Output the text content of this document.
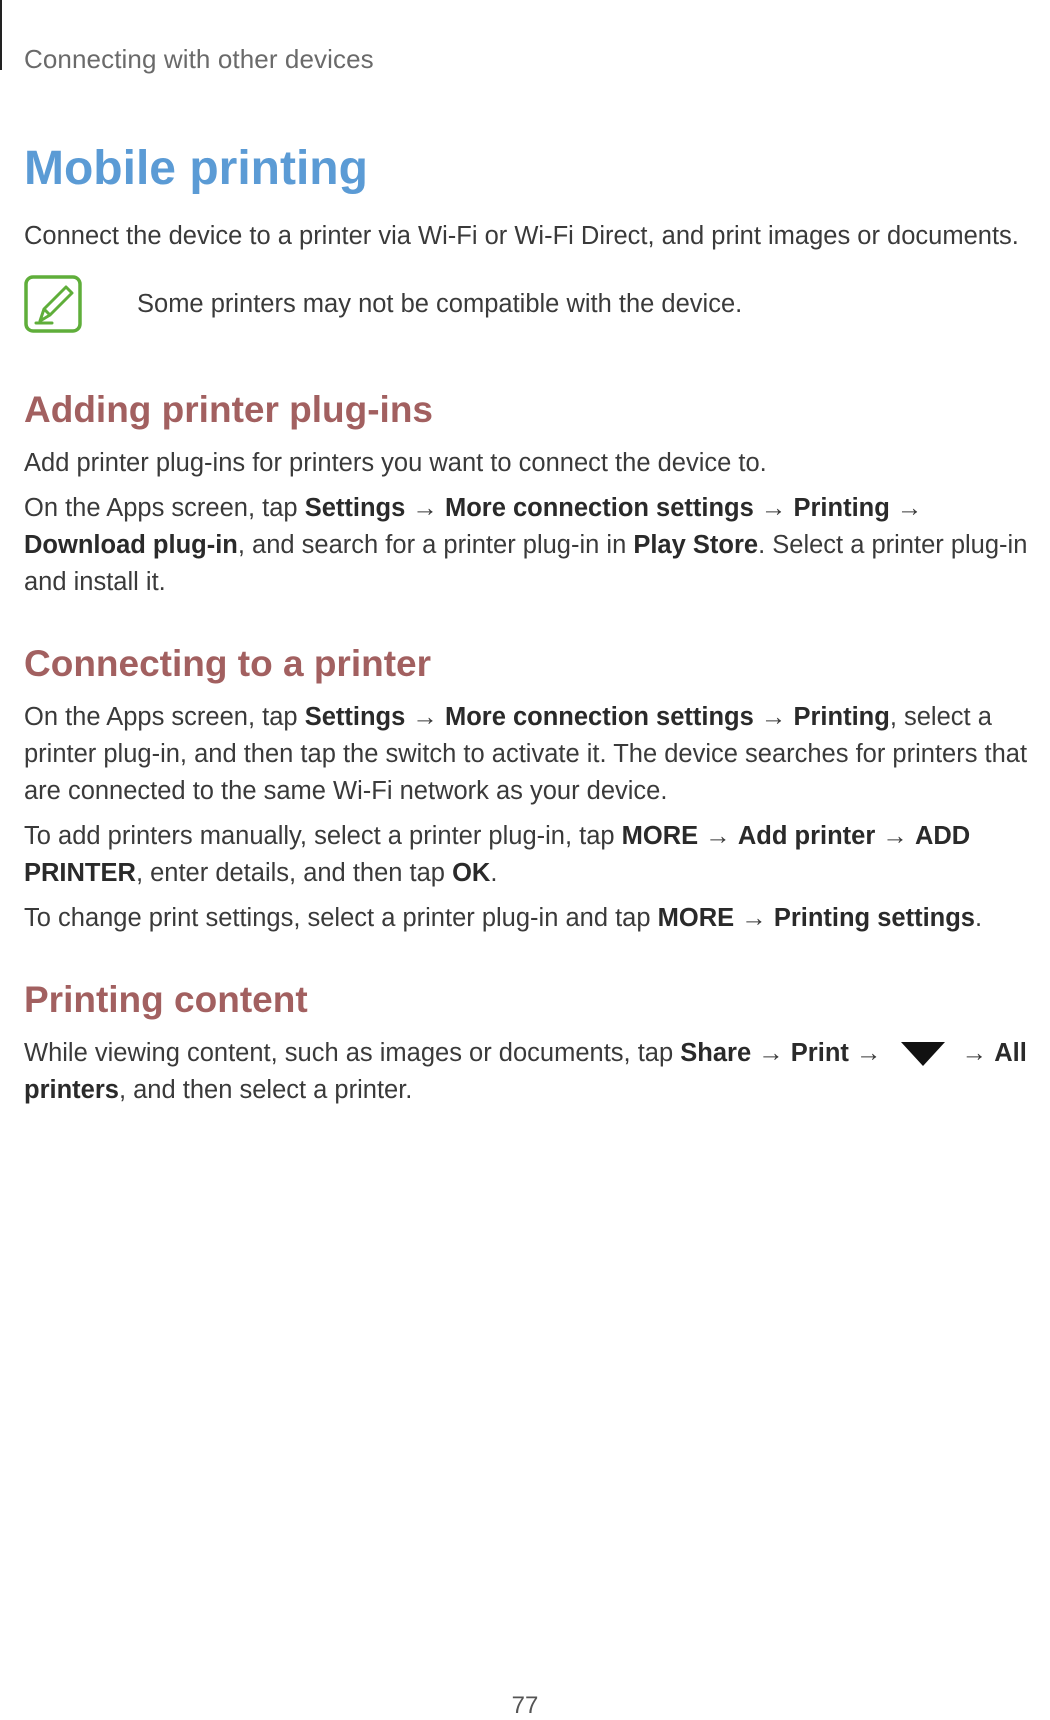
Connecting with other devices
Mobile printing

Connect the device to a printer via Wi-Fi or Wi-Fi Direct, and print images or documents.

Some printers may not be compatible with the device.

Adding printer plug-ins

Add printer plug-ins for printers you want to connect the device to.

On the Apps screen, tap Settings → More connection settings → Printing → Download plug-in, and search for a printer plug-in in Play Store. Select a printer plug-in and install it.

Connecting to a printer

On the Apps screen, tap Settings → More connection settings → Printing, select a printer plug-in, and then tap the switch to activate it. The device searches for printers that are connected to the same Wi-Fi network as your device.

To add printers manually, select a printer plug-in, tap MORE → Add printer → ADD PRINTER, enter details, and then tap OK.

To change print settings, select a printer plug-in and tap MORE → Printing settings.

Printing content

While viewing content, such as images or documents, tap Share → Print →	→ All printers, and then select a printer.

77
